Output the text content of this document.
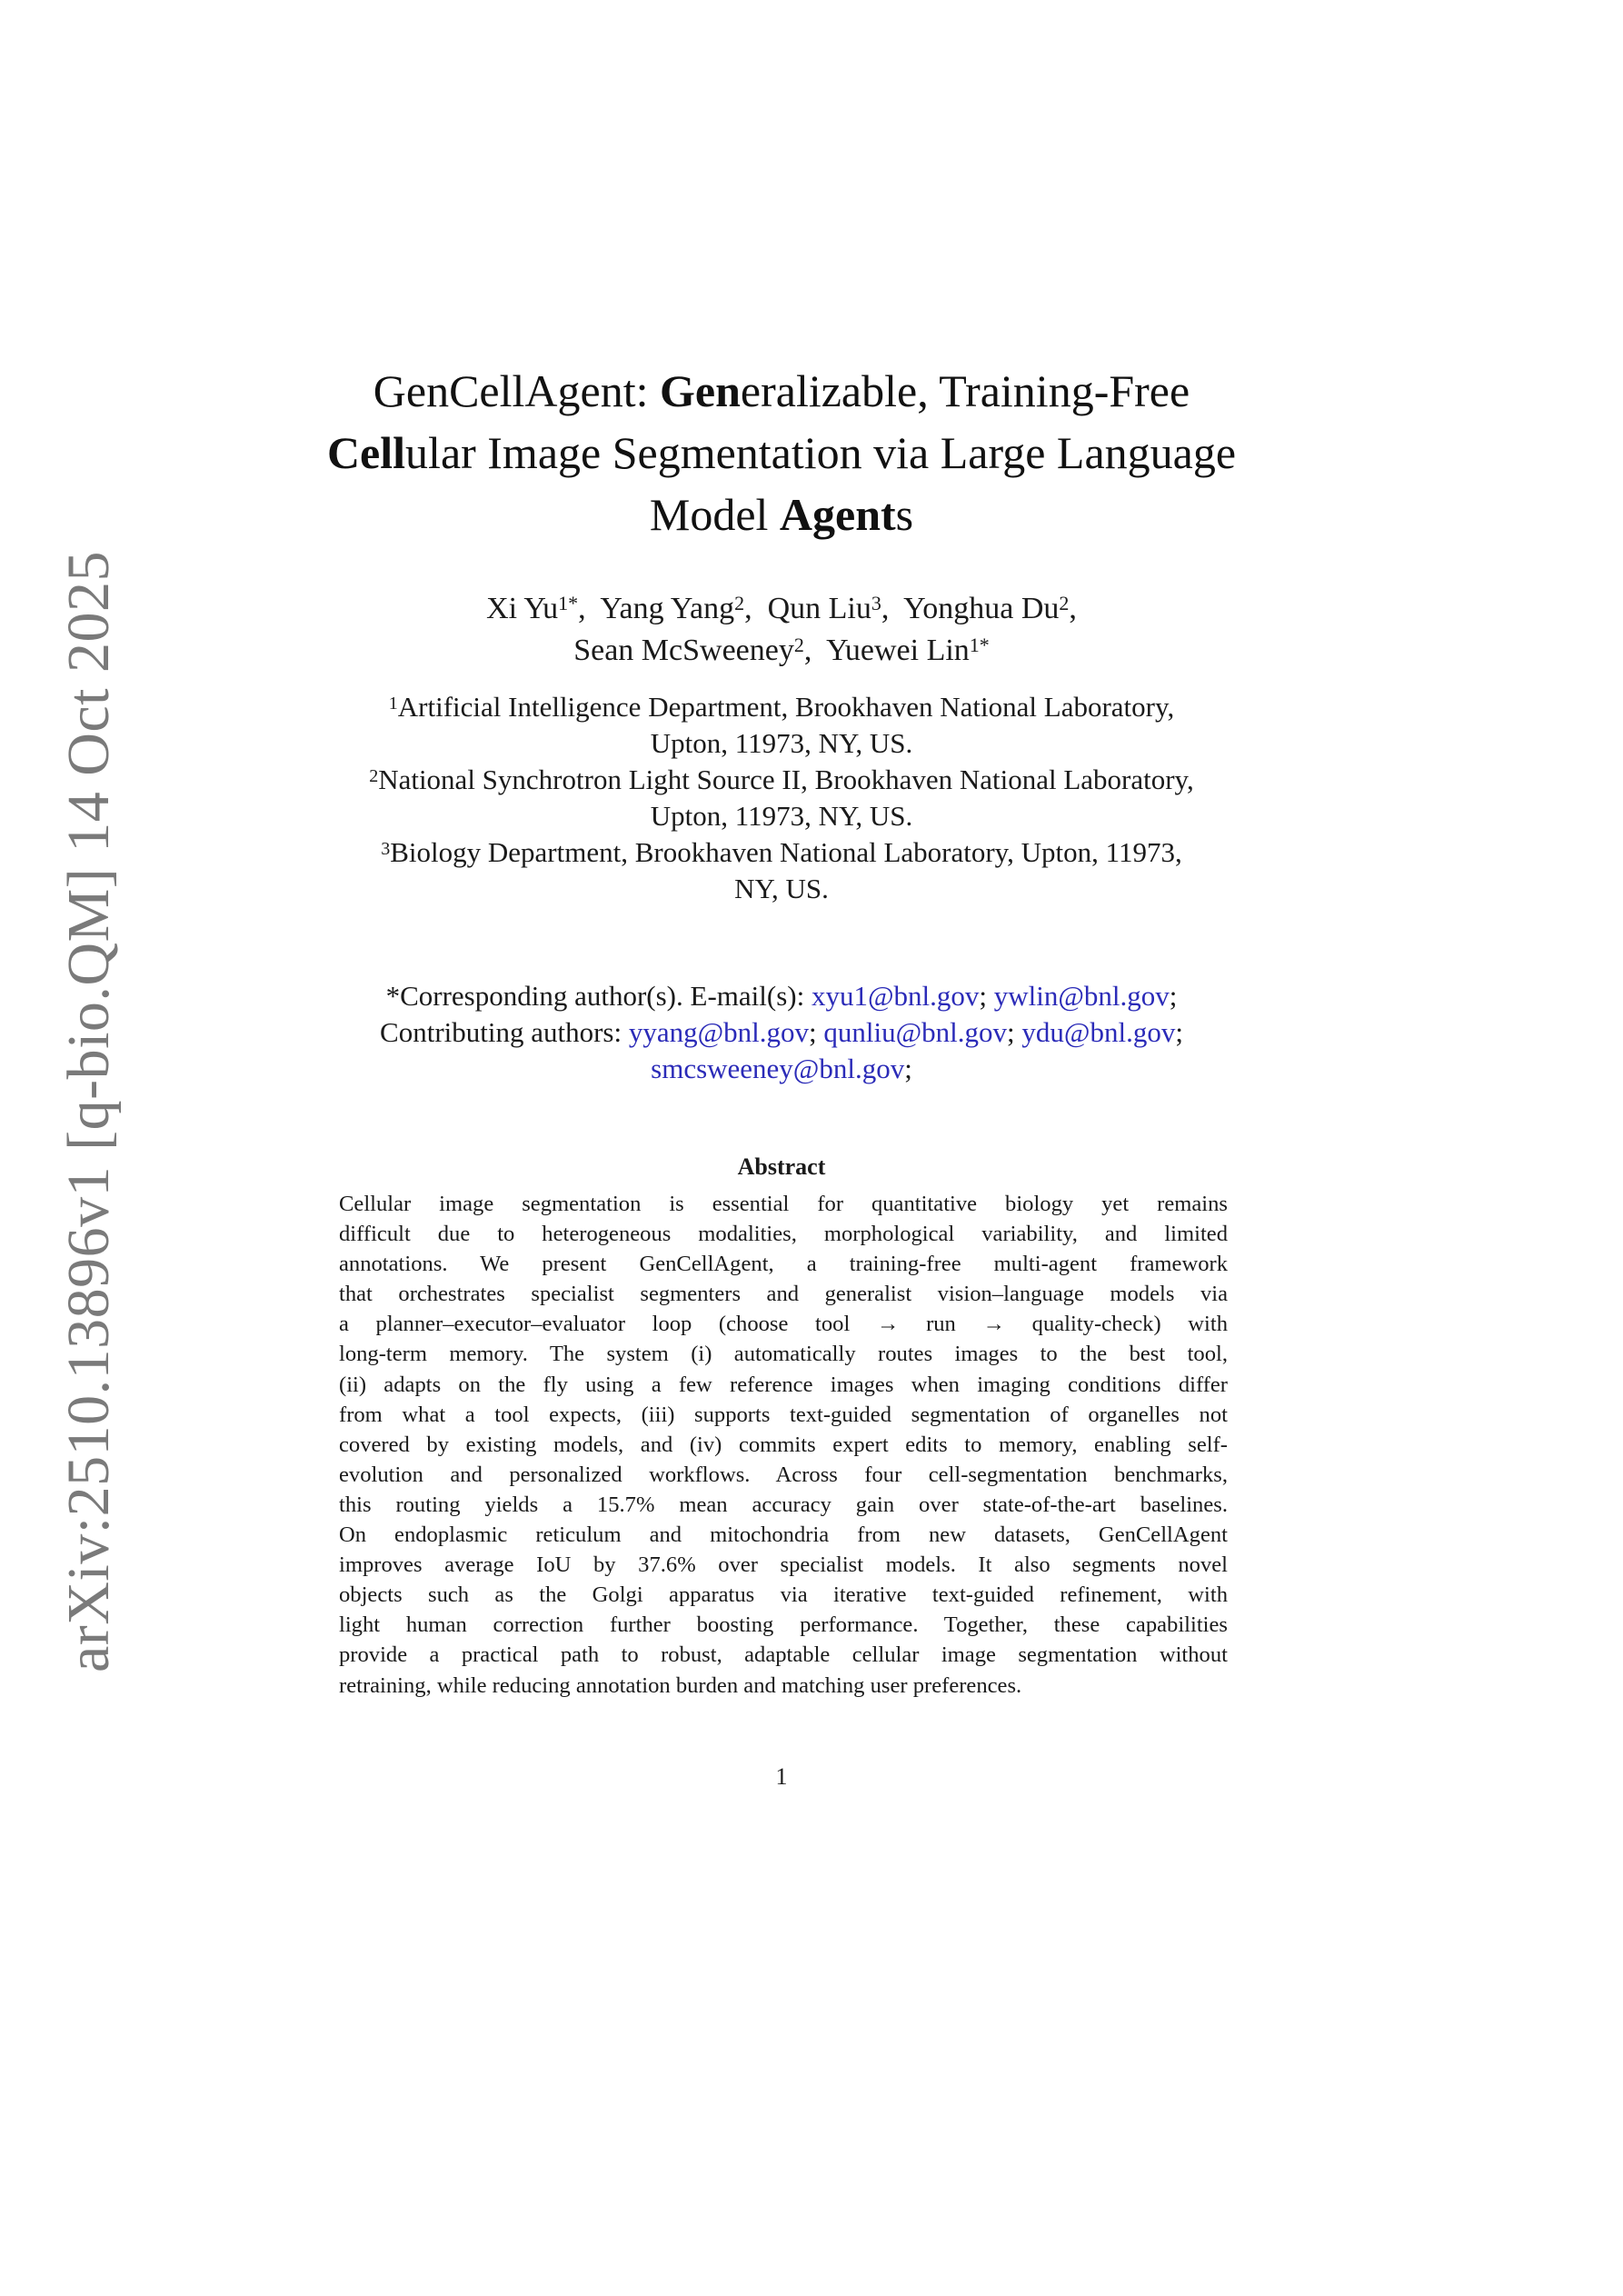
arXiv:2510.13896v1 [q-bio.QM] 14 Oct 2025
GenCellAgent: Generalizable, Training-Free
Cellular Image Segmentation via Large Language
Model Agents
Xi $Yu^{1*}$,  Yang Yang$^2$,  Qun Liu$^3$,  Yonghua Du$^2$,
Sean McSweeney$^2$,  Yuewei Lin$^{1*}$
$^1$Artificial Intelligence Department, Brookhaven National Laboratory,
Upton, 11973, NY, US.
$^2$National Synchrotron Light Source II, Brookhaven National Laboratory,
Upton, 11973, NY, US.
$^3$Biology Department, Brookhaven National Laboratory, Upton, 11973,
NY, US.
*Corresponding author(s). E-mail(s): xyu1@bnl.gov; ywlin@bnl.gov;
Contributing authors: yyang@bnl.gov; qunliu@bnl.gov; ydu@bnl.gov;
smcsweeney@bnl.gov;
Abstract
Cellular image segmentation is essential for quantitative biology yet remains
difficult due to heterogeneous modalities, morphological variability, and limited
annotations. We present GenCellAgent, a training-free multi-agent framework
that orchestrates specialist segmenters and generalist vision–language models via
a planner–executor–evaluator loop (choose tool → run → quality-check) with
long-term memory. The system (i) automatically routes images to the best tool,
(ii) adapts on the fly using a few reference images when imaging conditions differ
from what a tool expects, (iii) supports text-guided segmentation of organelles not
covered by existing models, and (iv) commits expert edits to memory, enabling self-
evolution and personalized workflows. Across four cell-segmentation benchmarks,
this routing yields a 15.7% mean accuracy gain over state-of-the-art baselines.
On endoplasmic reticulum and mitochondria from new datasets, GenCellAgent
improves average IoU by 37.6% over specialist models. It also segments novel
objects such as the Golgi apparatus via iterative text-guided refinement, with
light human correction further boosting performance. Together, these capabilities
provide a practical path to robust, adaptable cellular image segmentation without
retraining, while reducing annotation burden and matching user preferences.
1
